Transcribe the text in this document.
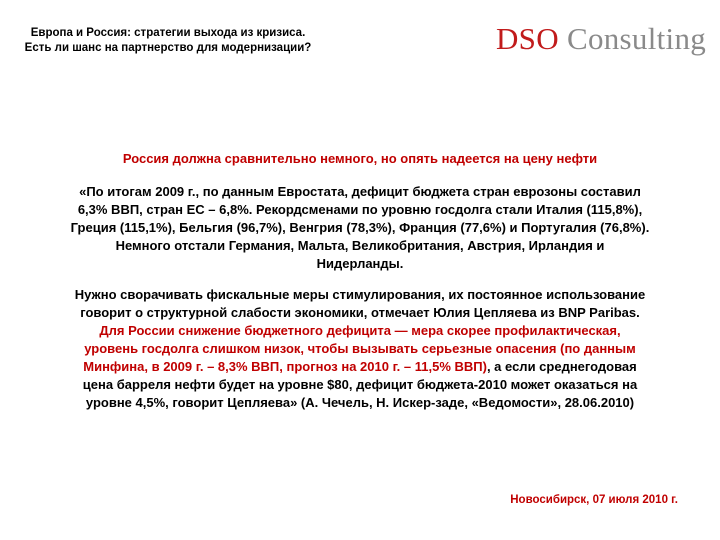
Европа и Россия: стратегии выхода из кризиса.
Есть ли шанс на партнерство для модернизации?	DSO Consulting
Россия должна сравнительно немного, но опять надеется на цену нефти
«По итогам 2009 г., по данным Евростата, дефицит бюджета стран еврозоны составил
6,3% ВВП, стран ЕС – 6,8%. Рекордсменами по уровню госдолга стали Италия (115,8%),
Греция (115,1%), Бельгия (96,7%), Венгрия (78,3%), Франция (77,6%) и Португалия (76,8%).
Немного отстали Германия, Мальта, Великобритания, Австрия, Ирландия и
Нидерланды.
Нужно сворачивать фискальные меры стимулирования, их постоянное использование
говорит о структурной слабости экономики, отмечает Юлия Цепляева из BNP Paribas.
Для России снижение бюджетного дефицита — мера скорее профилактическая,
уровень госдолга слишком низок, чтобы вызывать серьезные опасения (по данным
Минфина, в 2009 г. – 8,3% ВВП, прогноз на 2010 г. – 11,5% ВВП), а если среднегодовая
цена барреля нефти будет на уровне $80, дефицит бюджета-2010 может оказаться на
уровне 4,5%, говорит Цепляева» (А. Чечель, Н. Искер-заде, «Ведомости», 28.06.2010)
Новосибирск, 07 июля 2010 г.
